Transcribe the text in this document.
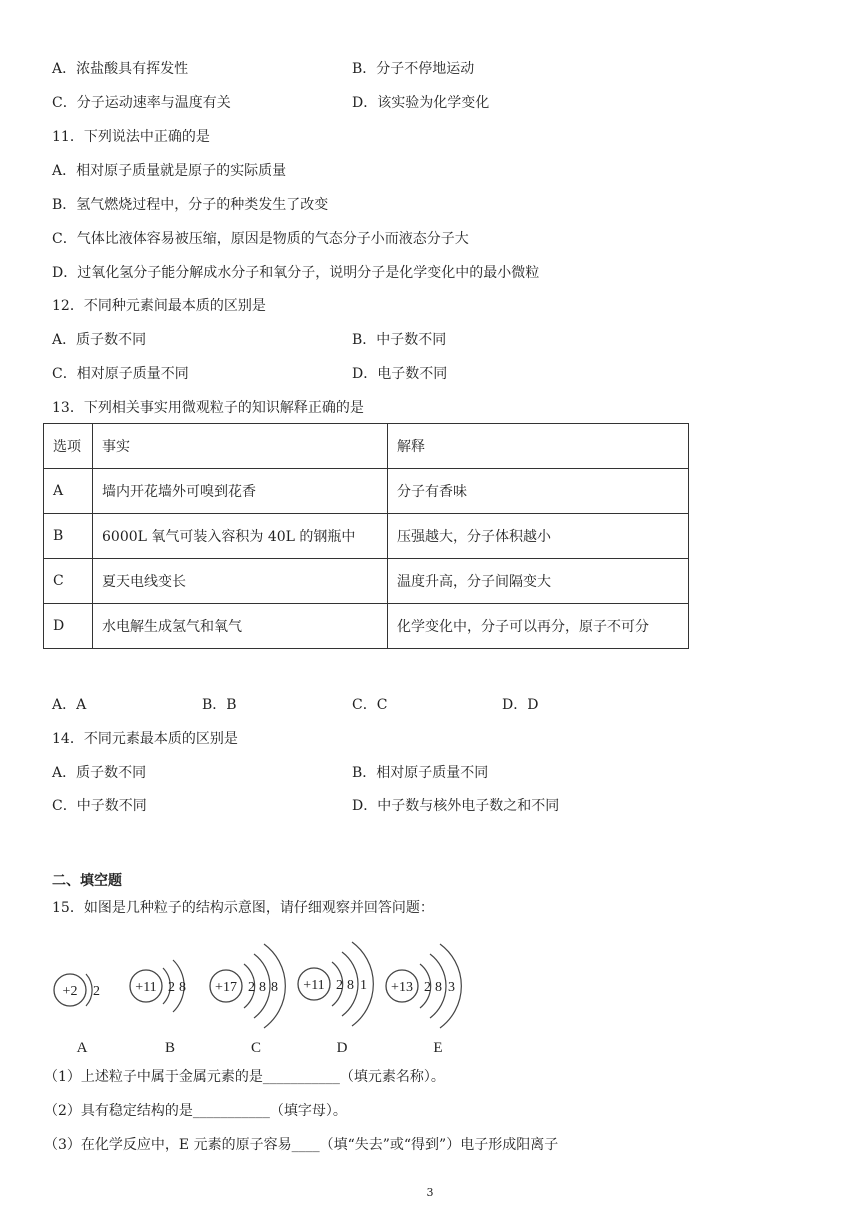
A．浓盐酸具有挥发性	B．分子不停地运动
C．分子运动速率与温度有关	D．该实验为化学变化
11．下列说法中正确的是
A．相对原子质量就是原子的实际质量
B．氢气燃烧过程中，分子的种类发生了改变
C．气体比液体容易被压缩，原因是物质的气态分子小而液态分子大
D．过氧化氢分子能分解成水分子和氧分子，说明分子是化学变化中的最小微粒
12．不同种元素间最本质的区别是
A．质子数不同	B．中子数不同
C．相对原子质量不同	D．电子数不同
13．下列相关事实用微观粒子的知识解释正确的是
选项	事实	解释
A	墙内开花墙外可嗅到花香	分子有香味
B	6000L 氧气可装入容积为 40L 的钢瓶中	压强越大，分子体积越小
C	夏天电线变长	温度升高，分子间隔变大
D	水电解生成氢气和氧气	化学变化中，分子可以再分，原子不可分
A．A	B．B	C．C	D．D
14．不同元素最本质的区别是
A．质子数不同	B．相对原子质量不同
C．中子数不同	D．中子数与核外电子数之和不同
二、填空题
15．如图是几种粒子的结构示意图，请仔细观察并回答问题：
+2 2
A
+11 2 8
B
+17 2 8 8
C
+11 2 8 1
D
+13 2 8 3
E
（1）上述粒子中属于金属元素的是___________（填元素名称）。
（2）具有稳定结构的是___________（填字母）。
（3）在化学反应中，E 元素的原子容易____（填“失去”或“得到”）电子形成阳离子
3
